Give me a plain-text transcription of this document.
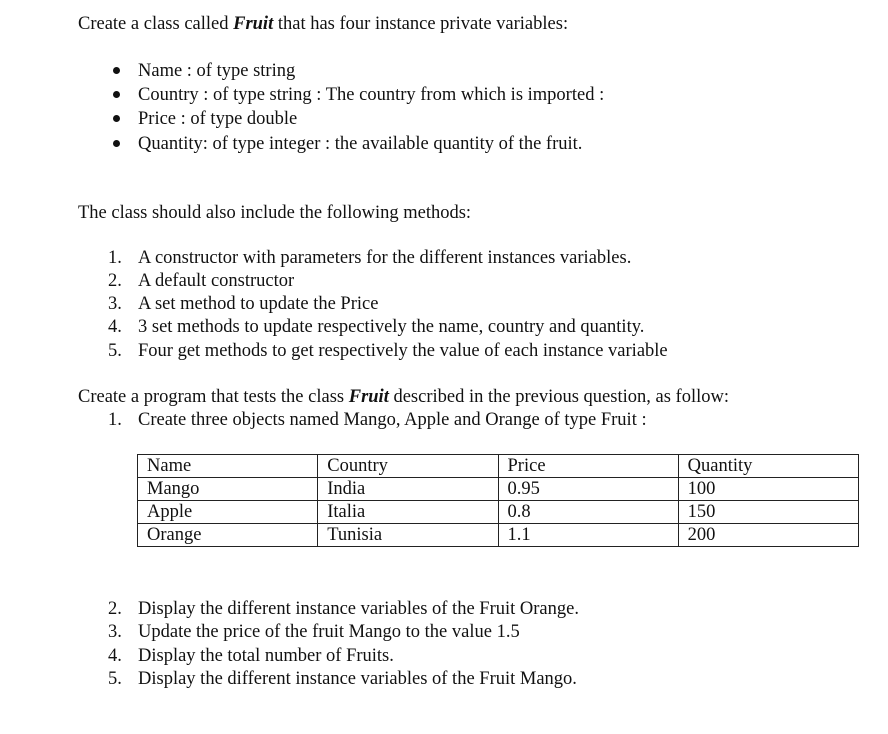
Create a class called Fruit that has four instance private variables:
Name : of type string
Country : of type string : The country from which is imported :
Price : of type double
Quantity: of type integer : the available quantity of the fruit.
The class should also include the following methods:
1. A constructor with parameters for the different instances variables.
2. A default constructor
3. A set method to update the Price
4. 3 set methods to update respectively the name, country and quantity.
5. Four get methods to get respectively the value of each instance variable
Create a program that tests the class Fruit described in the previous question, as follow:
1. Create three objects named Mango, Apple and Orange of type Fruit :
Name	Country	Price	Quantity
Mango	India	0.95	100
Apple	Italia	0.8	150
Orange	Tunisia	1.1	200
2. Display the different instance variables of the Fruit Orange.
3. Update the price of the fruit Mango to the value 1.5
4. Display the total number of Fruits.
5. Display the different instance variables of the Fruit Mango.
